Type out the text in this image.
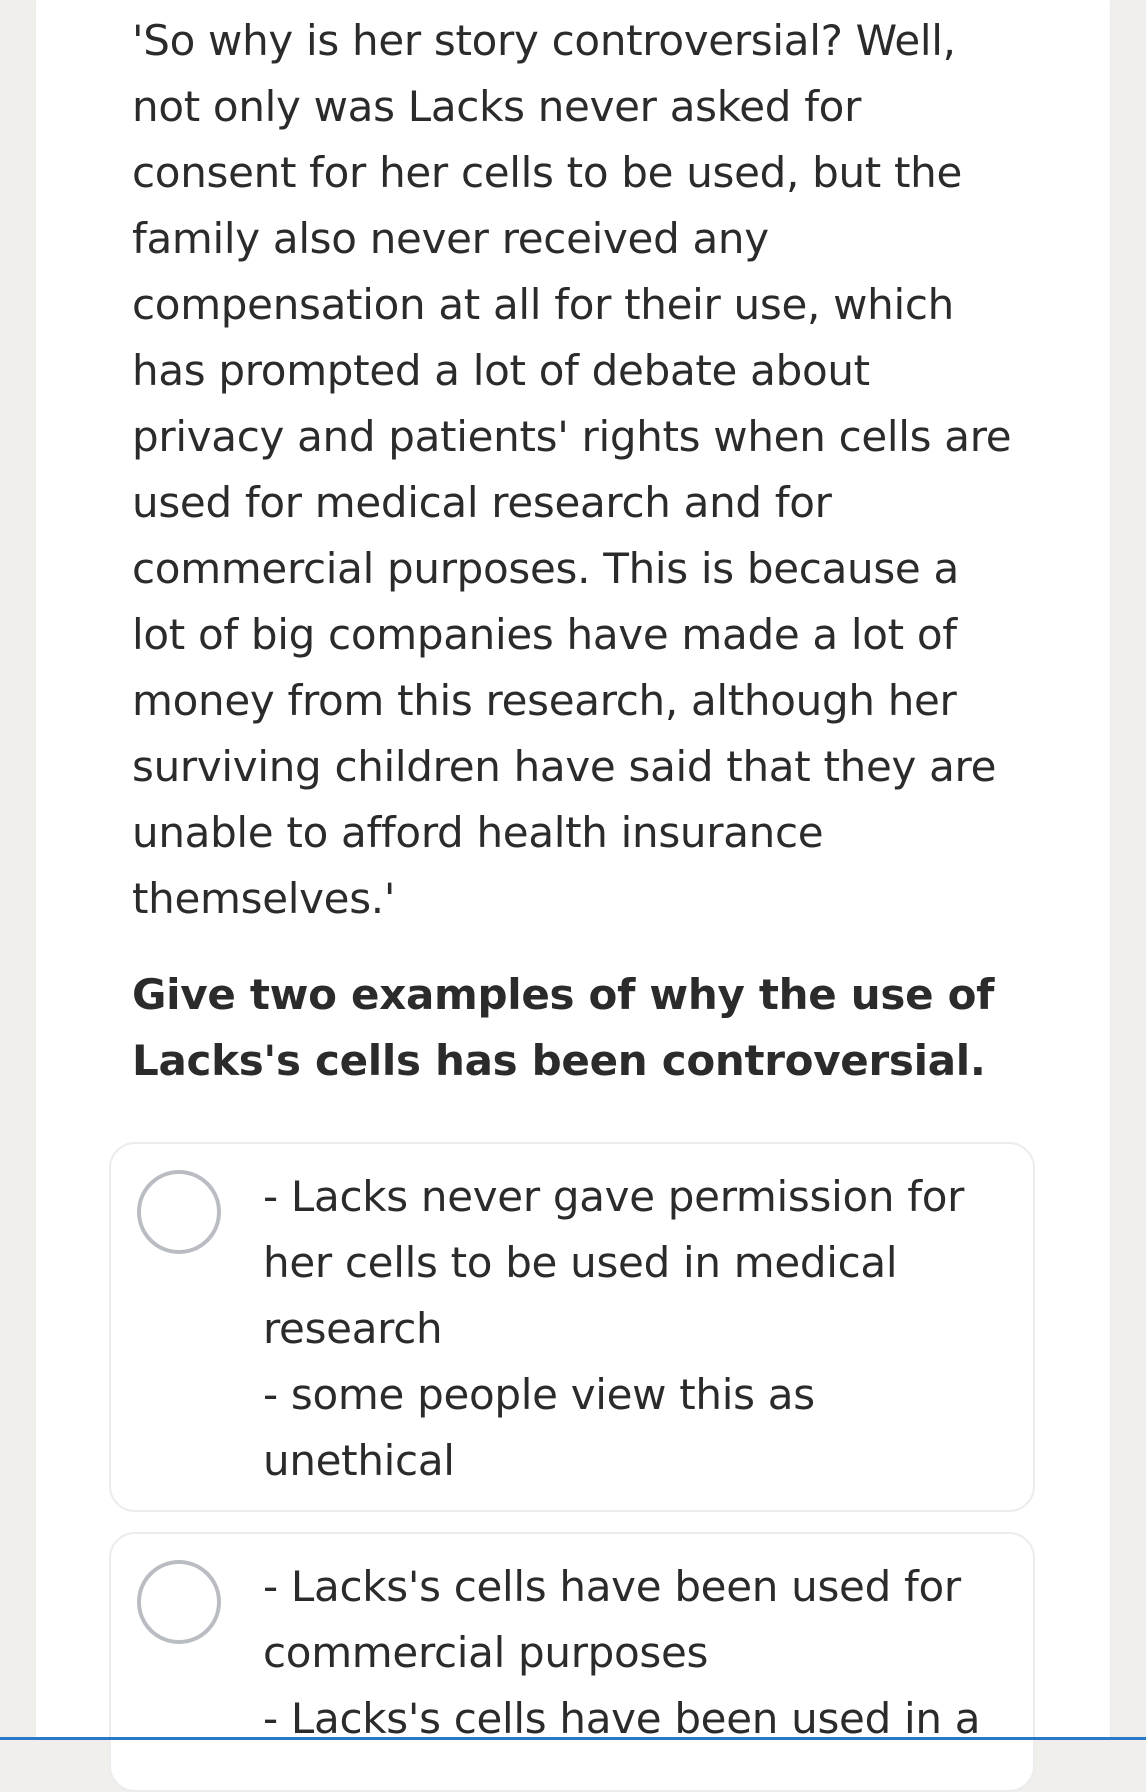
'So why is her story controversial? Well, not only was Lacks never asked for consent for her cells to be used, but the family also never received any compensation at all for their use, which has prompted a lot of debate about privacy and patients' rights when cells are used for medical research and for commercial purposes. This is because a lot of big companies have made a lot of money from this research, although her surviving children have said that they are unable to afford health insurance themselves.'

Give two examples of why the use of Lacks's cells has been controversial.

- Lacks never gave permission for her cells to be used in medical research
- some people view this as unethical

- Lacks's cells have been used for commercial purposes
- Lacks's cells have been used in a
